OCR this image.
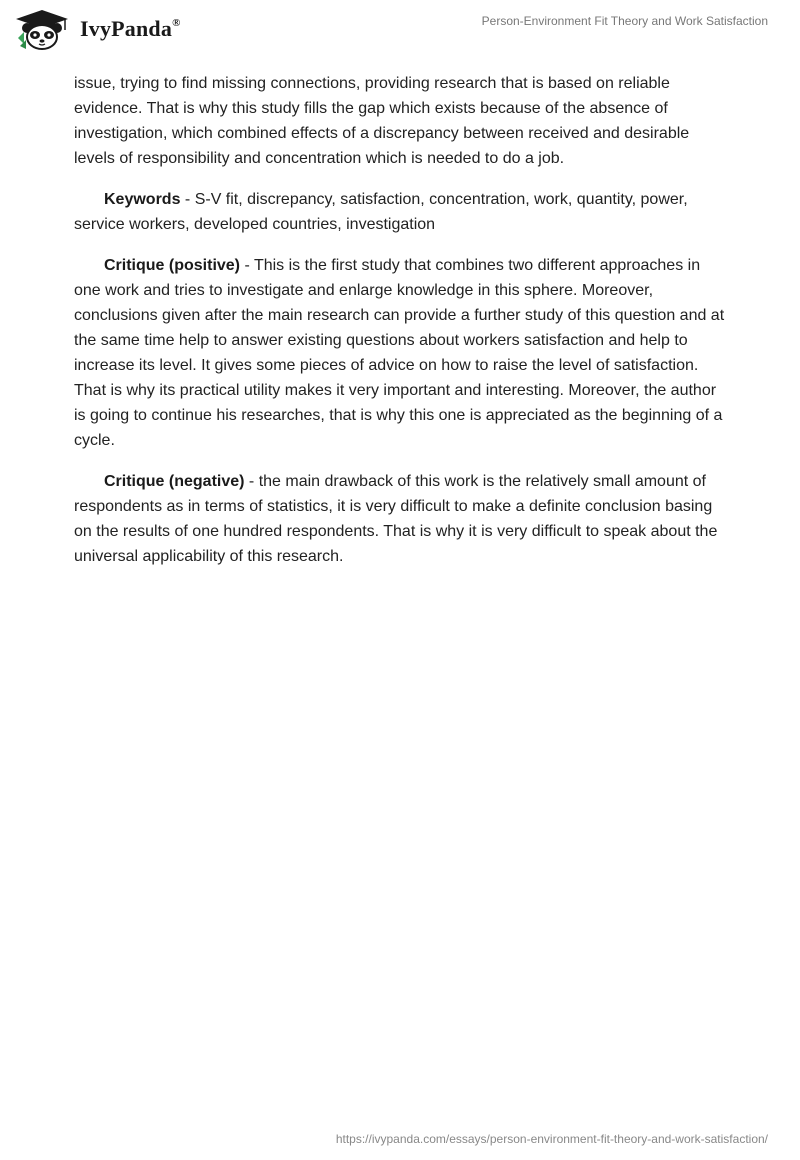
IvyPanda®	Person-Environment Fit Theory and Work Satisfaction

issue, trying to find missing connections, providing research that is based on reliable evidence. That is why this study fills the gap which exists because of the absence of investigation, which combined effects of a discrepancy between received and desirable levels of responsibility and concentration which is needed to do a job.

Keywords - S-V fit, discrepancy, satisfaction, concentration, work, quantity, power, service workers, developed countries, investigation

Critique (positive) - This is the first study that combines two different approaches in one work and tries to investigate and enlarge knowledge in this sphere. Moreover, conclusions given after the main research can provide a further study of this question and at the same time help to answer existing questions about workers satisfaction and help to increase its level. It gives some pieces of advice on how to raise the level of satisfaction. That is why its practical utility makes it very important and interesting. Moreover, the author is going to continue his researches, that is why this one is appreciated as the beginning of a cycle.

Critique (negative) - the main drawback of this work is the relatively small amount of respondents as in terms of statistics, it is very difficult to make a definite conclusion basing on the results of one hundred respondents. That is why it is very difficult to speak about the universal applicability of this research.

https://ivypanda.com/essays/person-environment-fit-theory-and-work-satisfaction/
